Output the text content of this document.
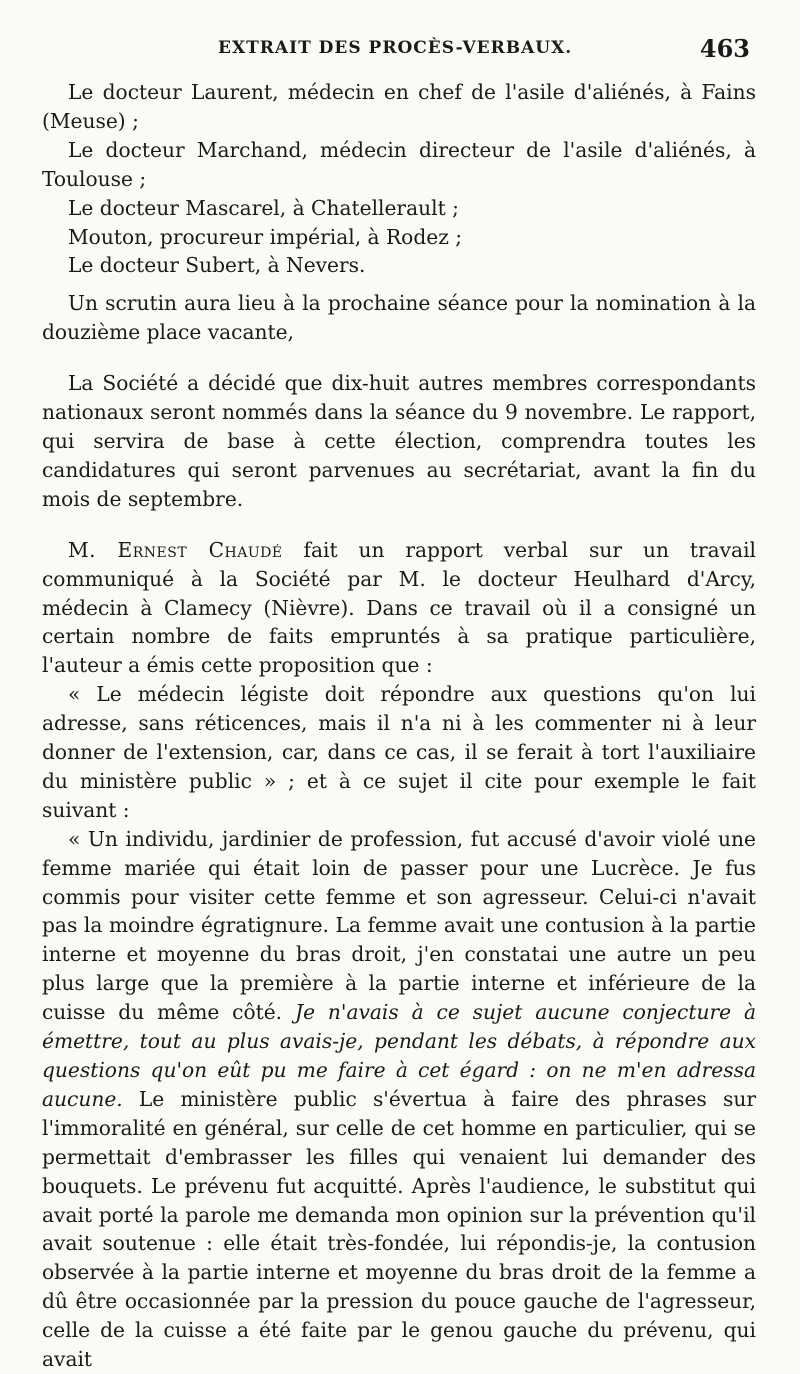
EXTRAIT DES PROCÈS-VERBAUX.	463

Le docteur Laurent, médecin en chef de l'asile d'aliénés, à Fains (Meuse) ;

Le docteur Marchand, médecin directeur de l'asile d'aliénés, à Toulouse ;

Le docteur Mascarel, à Chatellerault ;

Mouton, procureur impérial, à Rodez ;

Le docteur Subert, à Nevers.

Un scrutin aura lieu à la prochaine séance pour la nomination à la douzième place vacante,

La Société a décidé que dix-huit autres membres correspondants nationaux seront nommés dans la séance du 9 novembre. Le rapport, qui servira de base à cette élection, comprendra toutes les candidatures qui seront parvenues au secrétariat, avant la fin du mois de septembre.

M. Ernest Chaudé fait un rapport verbal sur un travail communiqué à la Société par M. le docteur Heulhard d'Arcy, médecin à Clamecy (Nièvre). Dans ce travail où il a consigné un certain nombre de faits empruntés à sa pratique particulière, l'auteur a émis cette proposition que :

« Le médecin légiste doit répondre aux questions qu'on lui adresse, sans réticences, mais il n'a ni à les commenter ni à leur donner de l'extension, car, dans ce cas, il se ferait à tort l'auxiliaire du ministère public » ; et à ce sujet il cite pour exemple le fait suivant :

« Un individu, jardinier de profession, fut accusé d'avoir violé une femme mariée qui était loin de passer pour une Lucrèce. Je fus commis pour visiter cette femme et son agresseur. Celui-ci n'avait pas la moindre égratignure. La femme avait une contusion à la partie interne et moyenne du bras droit, j'en constatai une autre un peu plus large que la première à la partie interne et inférieure de la cuisse du même côté. Je n'avais à ce sujet aucune conjecture à émettre, tout au plus avais-je, pendant les débats, à répondre aux questions qu'on eût pu me faire à cet égard : on ne m'en adressa aucune. Le ministère public s'évertua à faire des phrases sur l'immoralité en général, sur celle de cet homme en particulier, qui se permettait d'embrasser les filles qui venaient lui demander des bouquets. Le prévenu fut acquitté. Après l'audience, le substitut qui avait porté la parole me demanda mon opinion sur la prévention qu'il avait soutenue : elle était très-fondée, lui répondis-je, la contusion observée à la partie interne et moyenne du bras droit de la femme a dû être occasionnée par la pression du pouce gauche de l'agresseur, celle de la cuisse a été faite par le genou gauche du prévenu, qui avait
